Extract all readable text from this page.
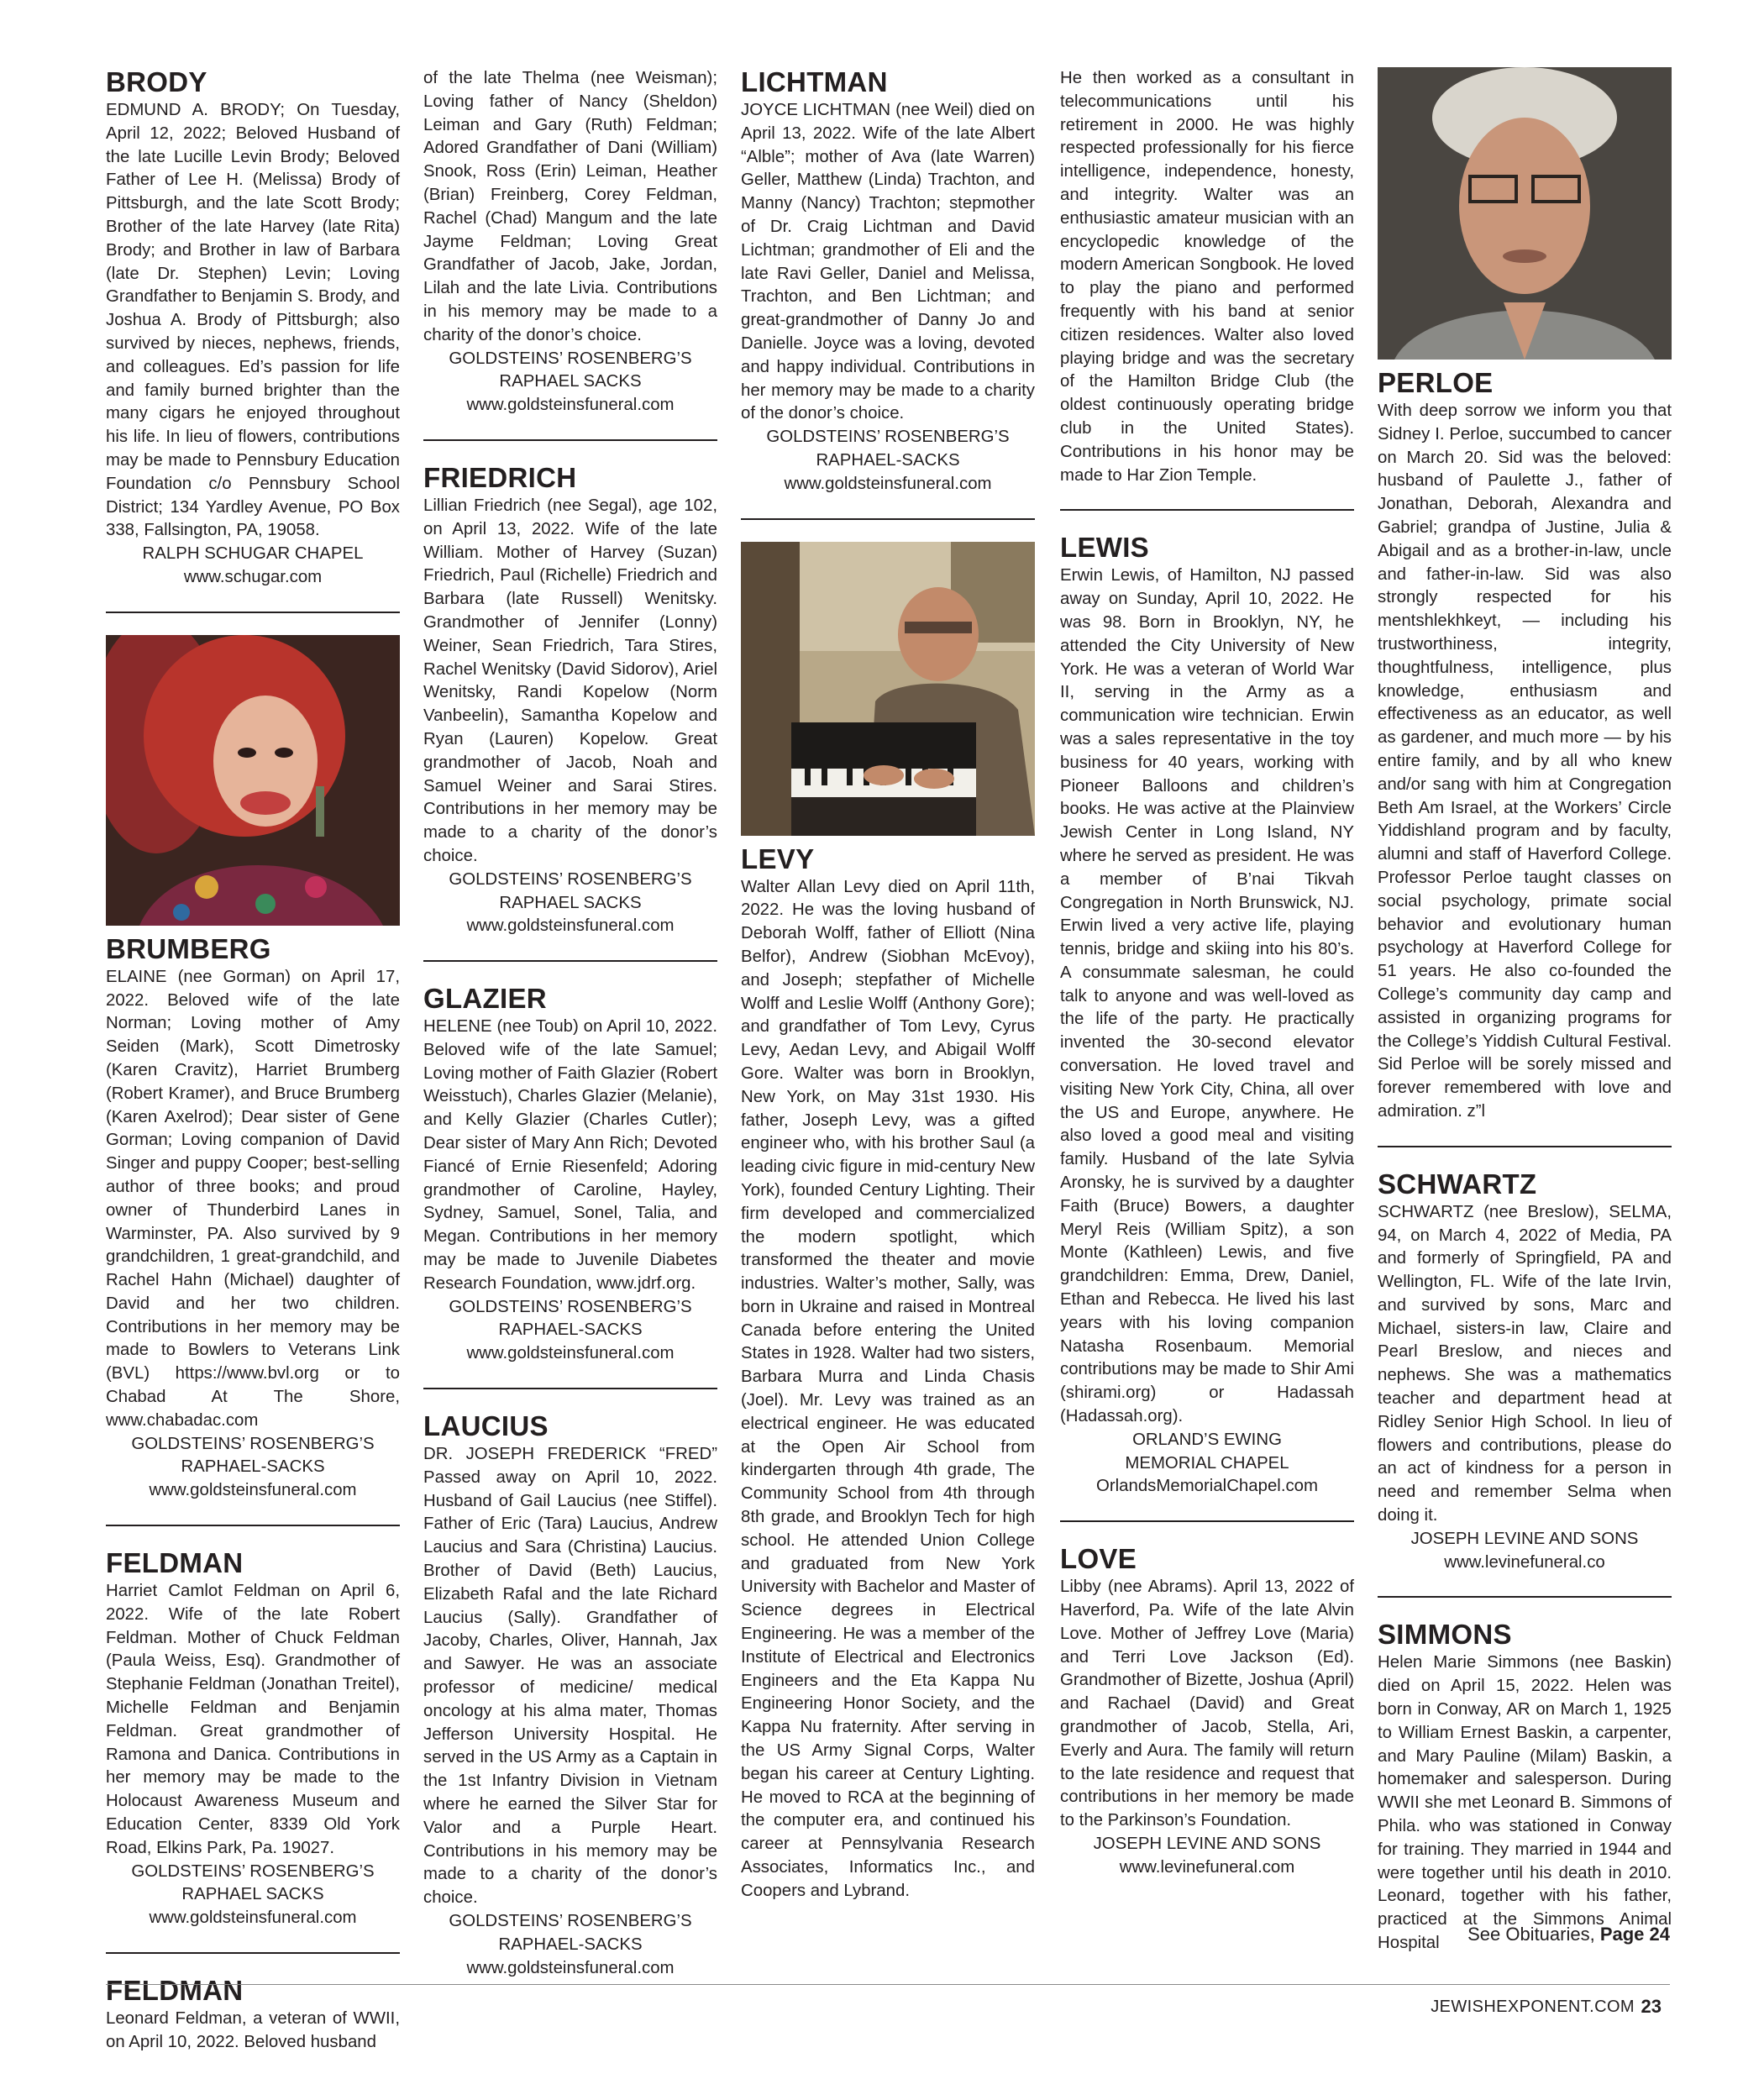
BRODY

EDMUND A. BRODY; On Tuesday, April 12, 2022; Beloved Husband of the late Lucille Levin Brody; Beloved Father of Lee H. (Melissa) Brody of Pittsburgh, and the late Scott Brody; Brother of the late Harvey (late Rita) Brody; and Brother in law of Barbara (late Dr. Stephen) Levin; Loving Grandfather to Benjamin S. Brody, and Joshua A. Brody of Pittsburgh; also survived by nieces, nephews, friends, and colleagues. Ed’s passion for life and family burned brighter than the many cigars he enjoyed throughout his life. In lieu of flowers, contributions may be made to Pennsbury Education Foundation c/o Pennsbury School District; 134 Yardley Avenue, PO Box 338, Fallsington, PA, 19058.

RALPH SCHUGAR CHAPEL

www.schugar.com

BRUMBERG

ELAINE (nee Gorman) on April 17, 2022. Beloved wife of the late Norman; Loving mother of Amy Seiden (Mark), Scott Dimetrosky (Karen Cravitz), Harriet Brumberg (Robert Kramer), and Bruce Brumberg (Karen Axelrod); Dear sister of Gene Gorman; Loving companion of David Singer and puppy Cooper; best-selling author of three books; and proud owner of Thunderbird Lanes in Warminster, PA. Also survived by 9 grandchildren, 1 great-grandchild, and Rachel Hahn (Michael) daughter of David and her two children. Contributions in her memory may be made to Bowlers to Veterans Link (BVL) https://www.bvl.org or to Chabad At The Shore, www.chabadac.com

GOLDSTEINS’ ROSENBERG’S

RAPHAEL-SACKS

www.goldsteinsfuneral.com

FELDMAN

Harriet Camlot Feldman on April 6, 2022. Wife of the late Robert Feldman. Mother of Chuck Feldman (Paula Weiss, Esq). Grandmother of Stephanie Feldman (Jonathan Treitel), Michelle Feldman and Benjamin Feldman. Great grandmother of Ramona and Danica. Contributions in her memory may be made to the Holocaust Awareness Museum and Education Center, 8339 Old York Road, Elkins Park, Pa. 19027.

GOLDSTEINS’ ROSENBERG’S

RAPHAEL SACKS

www.goldsteinsfuneral.com

FELDMAN

Leonard Feldman, a veteran of WWII, on April 10, 2022. Beloved husband

of the late Thelma (nee Weisman); Loving father of Nancy (Sheldon) Leiman and Gary (Ruth) Feldman; Adored Grandfather of Dani (William) Snook, Ross (Erin) Leiman, Heather (Brian) Freinberg, Corey Feldman, Rachel (Chad) Mangum and the late Jayme Feldman; Loving Great Grandfather of Jacob, Jake, Jordan, Lilah and the late Livia. Contributions in his memory may be made to a charity of the donor’s choice.

GOLDSTEINS’ ROSENBERG’S

RAPHAEL SACKS

www.goldsteinsfuneral.com

FRIEDRICH

Lillian Friedrich (nee Segal), age 102, on April 13, 2022. Wife of the late William. Mother of Harvey (Suzan) Friedrich, Paul (Richelle) Friedrich and Barbara (late Russell) Wenitsky. Grandmother of Jennifer (Lonny) Weiner, Sean Friedrich, Tara Stires, Rachel Wenitsky (David Sidorov), Ariel Wenitsky, Randi Kopelow (Norm Vanbeelin), Samantha Kopelow and Ryan (Lauren) Kopelow. Great grandmother of Jacob, Noah and Samuel Weiner and Sarai Stires. Contributions in her memory may be made to a charity of the donor’s choice.

GOLDSTEINS’ ROSENBERG’S

RAPHAEL SACKS

www.goldsteinsfuneral.com

GLAZIER

HELENE (nee Toub) on April 10, 2022. Beloved wife of the late Samuel; Loving mother of Faith Glazier (Robert Weisstuch), Charles Glazier (Melanie), and Kelly Glazier (Charles Cutler); Dear sister of Mary Ann Rich; Devoted Fiancé of Ernie Riesenfeld; Adoring grandmother of Caroline, Hayley, Sydney, Samuel, Sonel, Talia, and Megan. Contributions in her memory may be made to Juvenile Diabetes Research Foundation, www.jdrf.org.

GOLDSTEINS’ ROSENBERG’S

RAPHAEL-SACKS

www.goldsteinsfuneral.com

LAUCIUS

DR. JOSEPH FREDERICK “FRED” Passed away on April 10, 2022. Husband of Gail Laucius (nee Stiffel). Father of Eric (Tara) Laucius, Andrew Laucius and Sara (Christina) Laucius. Brother of David (Beth) Laucius, Elizabeth Rafal and the late Richard Laucius (Sally). Grandfather of Jacoby, Charles, Oliver, Hannah, Jax and Sawyer. He was an associate professor of medicine/ medical oncology at his alma mater, Thomas Jefferson University Hospital. He served in the US Army as a Captain in the 1st Infantry Division in Vietnam where he earned the Silver Star for Valor and a Purple Heart. Contributions in his memory may be made to a charity of the donor’s choice.

GOLDSTEINS’ ROSENBERG’S

RAPHAEL-SACKS

www.goldsteinsfuneral.com

LICHTMAN

JOYCE LICHTMAN (nee Weil) died on April 13, 2022. Wife of the late Albert “Alble”; mother of Ava (late Warren) Geller, Matthew (Linda) Trachton, and Manny (Nancy) Trachton; stepmother of Dr. Craig Lichtman and David Lichtman; grandmother of Eli and the late Ravi Geller, Daniel and Melissa, Trachton, and Ben Lichtman; and great-grandmother of Danny Jo and Danielle. Joyce was a loving, devoted and happy individual. Contributions in her memory may be made to a charity of the donor’s choice.

GOLDSTEINS’ ROSENBERG’S

RAPHAEL-SACKS

www.goldsteinsfuneral.com

LEVY

Walter Allan Levy died on April 11th, 2022. He was the loving husband of Deborah Wolff, father of Elliott (Nina Belfor), Andrew (Siobhan McEvoy), and Joseph; stepfather of Michelle Wolff and Leslie Wolff (Anthony Gore); and grandfather of Tom Levy, Cyrus Levy, Aedan Levy, and Abigail Wolff Gore. Walter was born in Brooklyn, New York, on May 31st 1930. His father, Joseph Levy, was a gifted engineer who, with his brother Saul (a leading civic figure in mid-century New York), founded Century Lighting. Their firm developed and commercialized the modern spotlight, which transformed the theater and movie industries. Walter’s mother, Sally, was born in Ukraine and raised in Montreal Canada before entering the United States in 1928. Walter had two sisters, Barbara Murra and Linda Chasis (Joel). Mr. Levy was trained as an electrical engineer. He was educated at the Open Air School from kindergarten through 4th grade, The Community School from 4th through 8th grade, and Brooklyn Tech for high school. He attended Union College and graduated from New York University with Bachelor and Master of Science degrees in Electrical Engineering. He was a member of the Institute of Electrical and Electronics Engineers and the Eta Kappa Nu Engineering Honor Society, and the Kappa Nu fraternity. After serving in the US Army Signal Corps, Walter began his career at Century Lighting. He moved to RCA at the beginning of the computer era, and continued his career at Pennsylvania Research Associates, Informatics Inc., and Coopers and Lybrand.

He then worked as a consultant in telecommunications until his retirement in 2000. He was highly respected professionally for his fierce intelligence, independence, honesty, and integrity. Walter was an enthusiastic amateur musician with an encyclopedic knowledge of the modern American Songbook. He loved to play the piano and performed frequently with his band at senior citizen residences. Walter also loved playing bridge and was the secretary of the Hamilton Bridge Club (the oldest continuously operating bridge club in the United States). Contributions in his honor may be made to Har Zion Temple.

LEWIS

Erwin Lewis, of Hamilton, NJ passed away on Sunday, April 10, 2022. He was 98. Born in Brooklyn, NY, he attended the City University of New York. He was a veteran of World War II, serving in the Army as a communication wire technician. Erwin was a sales representative in the toy business for 40 years, working with Pioneer Balloons and children’s books. He was active at the Plainview Jewish Center in Long Island, NY where he served as president. He was a member of B’nai Tikvah Congregation in North Brunswick, NJ. Erwin lived a very active life, playing tennis, bridge and skiing into his 80’s. A consummate salesman, he could talk to anyone and was well-loved as the life of the party. He practically invented the 30-second elevator conversation. He loved travel and visiting New York City, China, all over the US and Europe, anywhere. He also loved a good meal and visiting family. Husband of the late Sylvia Aronsky, he is survived by a daughter Faith (Bruce) Bowers, a daughter Meryl Reis (William Spitz), a son Monte (Kathleen) Lewis, and five grandchildren: Emma, Drew, Daniel, Ethan and Rebecca. He lived his last years with his loving companion Natasha Rosenbaum. Memorial contributions may be made to Shir Ami (shirami.org) or Hadassah (Hadassah.org).

ORLAND’S EWING

MEMORIAL CHAPEL

OrlandsMemorialChapel.com

LOVE

Libby (nee Abrams). April 13, 2022 of Haverford, Pa. Wife of the late Alvin Love. Mother of Jeffrey Love (Maria) and Terri Love Jackson (Ed). Grandmother of Bizette, Joshua (April) and Rachael (David) and Great grandmother of Jacob, Stella, Ari, Everly and Aura. The family will return to the late residence and request that contributions in her memory be made to the Parkinson’s Foundation.

JOSEPH LEVINE AND SONS

www.levinefuneral.com

PERLOE

With deep sorrow we inform you that Sidney I. Perloe, succumbed to cancer on March 20. Sid was the beloved: husband of Paulette J., father of Jonathan, Deborah, Alexandra and Gabriel; grandpa of Justine, Julia & Abigail and as a brother-in-law, uncle and father-in-law. Sid was also strongly respected for his mentshlekhkeyt, — including his trustworthiness, integrity, thoughtfulness, intelligence, plus knowledge, enthusiasm and effectiveness as an educator, as well as gardener, and much more — by his entire family, and by all who knew and/or sang with him at Congregation Beth Am Israel, at the Workers’ Circle Yiddishland program and by faculty, alumni and staff of Haverford College. Professor Perloe taught classes on social psychology, primate social behavior and evolutionary human psychology at Haverford College for 51 years. He also co-founded the College’s community day camp and assisted in organizing programs for the College’s Yiddish Cultural Festival. Sid Perloe will be sorely missed and forever remembered with love and admiration. z”l

SCHWARTZ

SCHWARTZ (nee Breslow), SELMA, 94, on March 4, 2022 of Media, PA and formerly of Springfield, PA and Wellington, FL. Wife of the late Irvin, and survived by sons, Marc and Michael, sisters-in law, Claire and Pearl Breslow, and nieces and nephews. She was a mathematics teacher and department head at Ridley Senior High School. In lieu of flowers and contributions, please do an act of kindness for a person in need and remember Selma when doing it.

JOSEPH LEVINE AND SONS

www.levinefuneral.co

SIMMONS

Helen Marie Simmons (nee Baskin) died on April 15, 2022. Helen was born in Conway, AR on March 1, 1925 to William Ernest Baskin, a carpenter, and Mary Pauline (Milam) Baskin, a homemaker and salesperson. During WWII she met Leonard B. Simmons of Phila. who was stationed in Conway for training. They married in 1944 and were together until his death in 2010. Leonard, together with his father, practiced at the Simmons Animal Hospital	See Obituaries, Page 24
JEWISHEXPONENT.COM 23
